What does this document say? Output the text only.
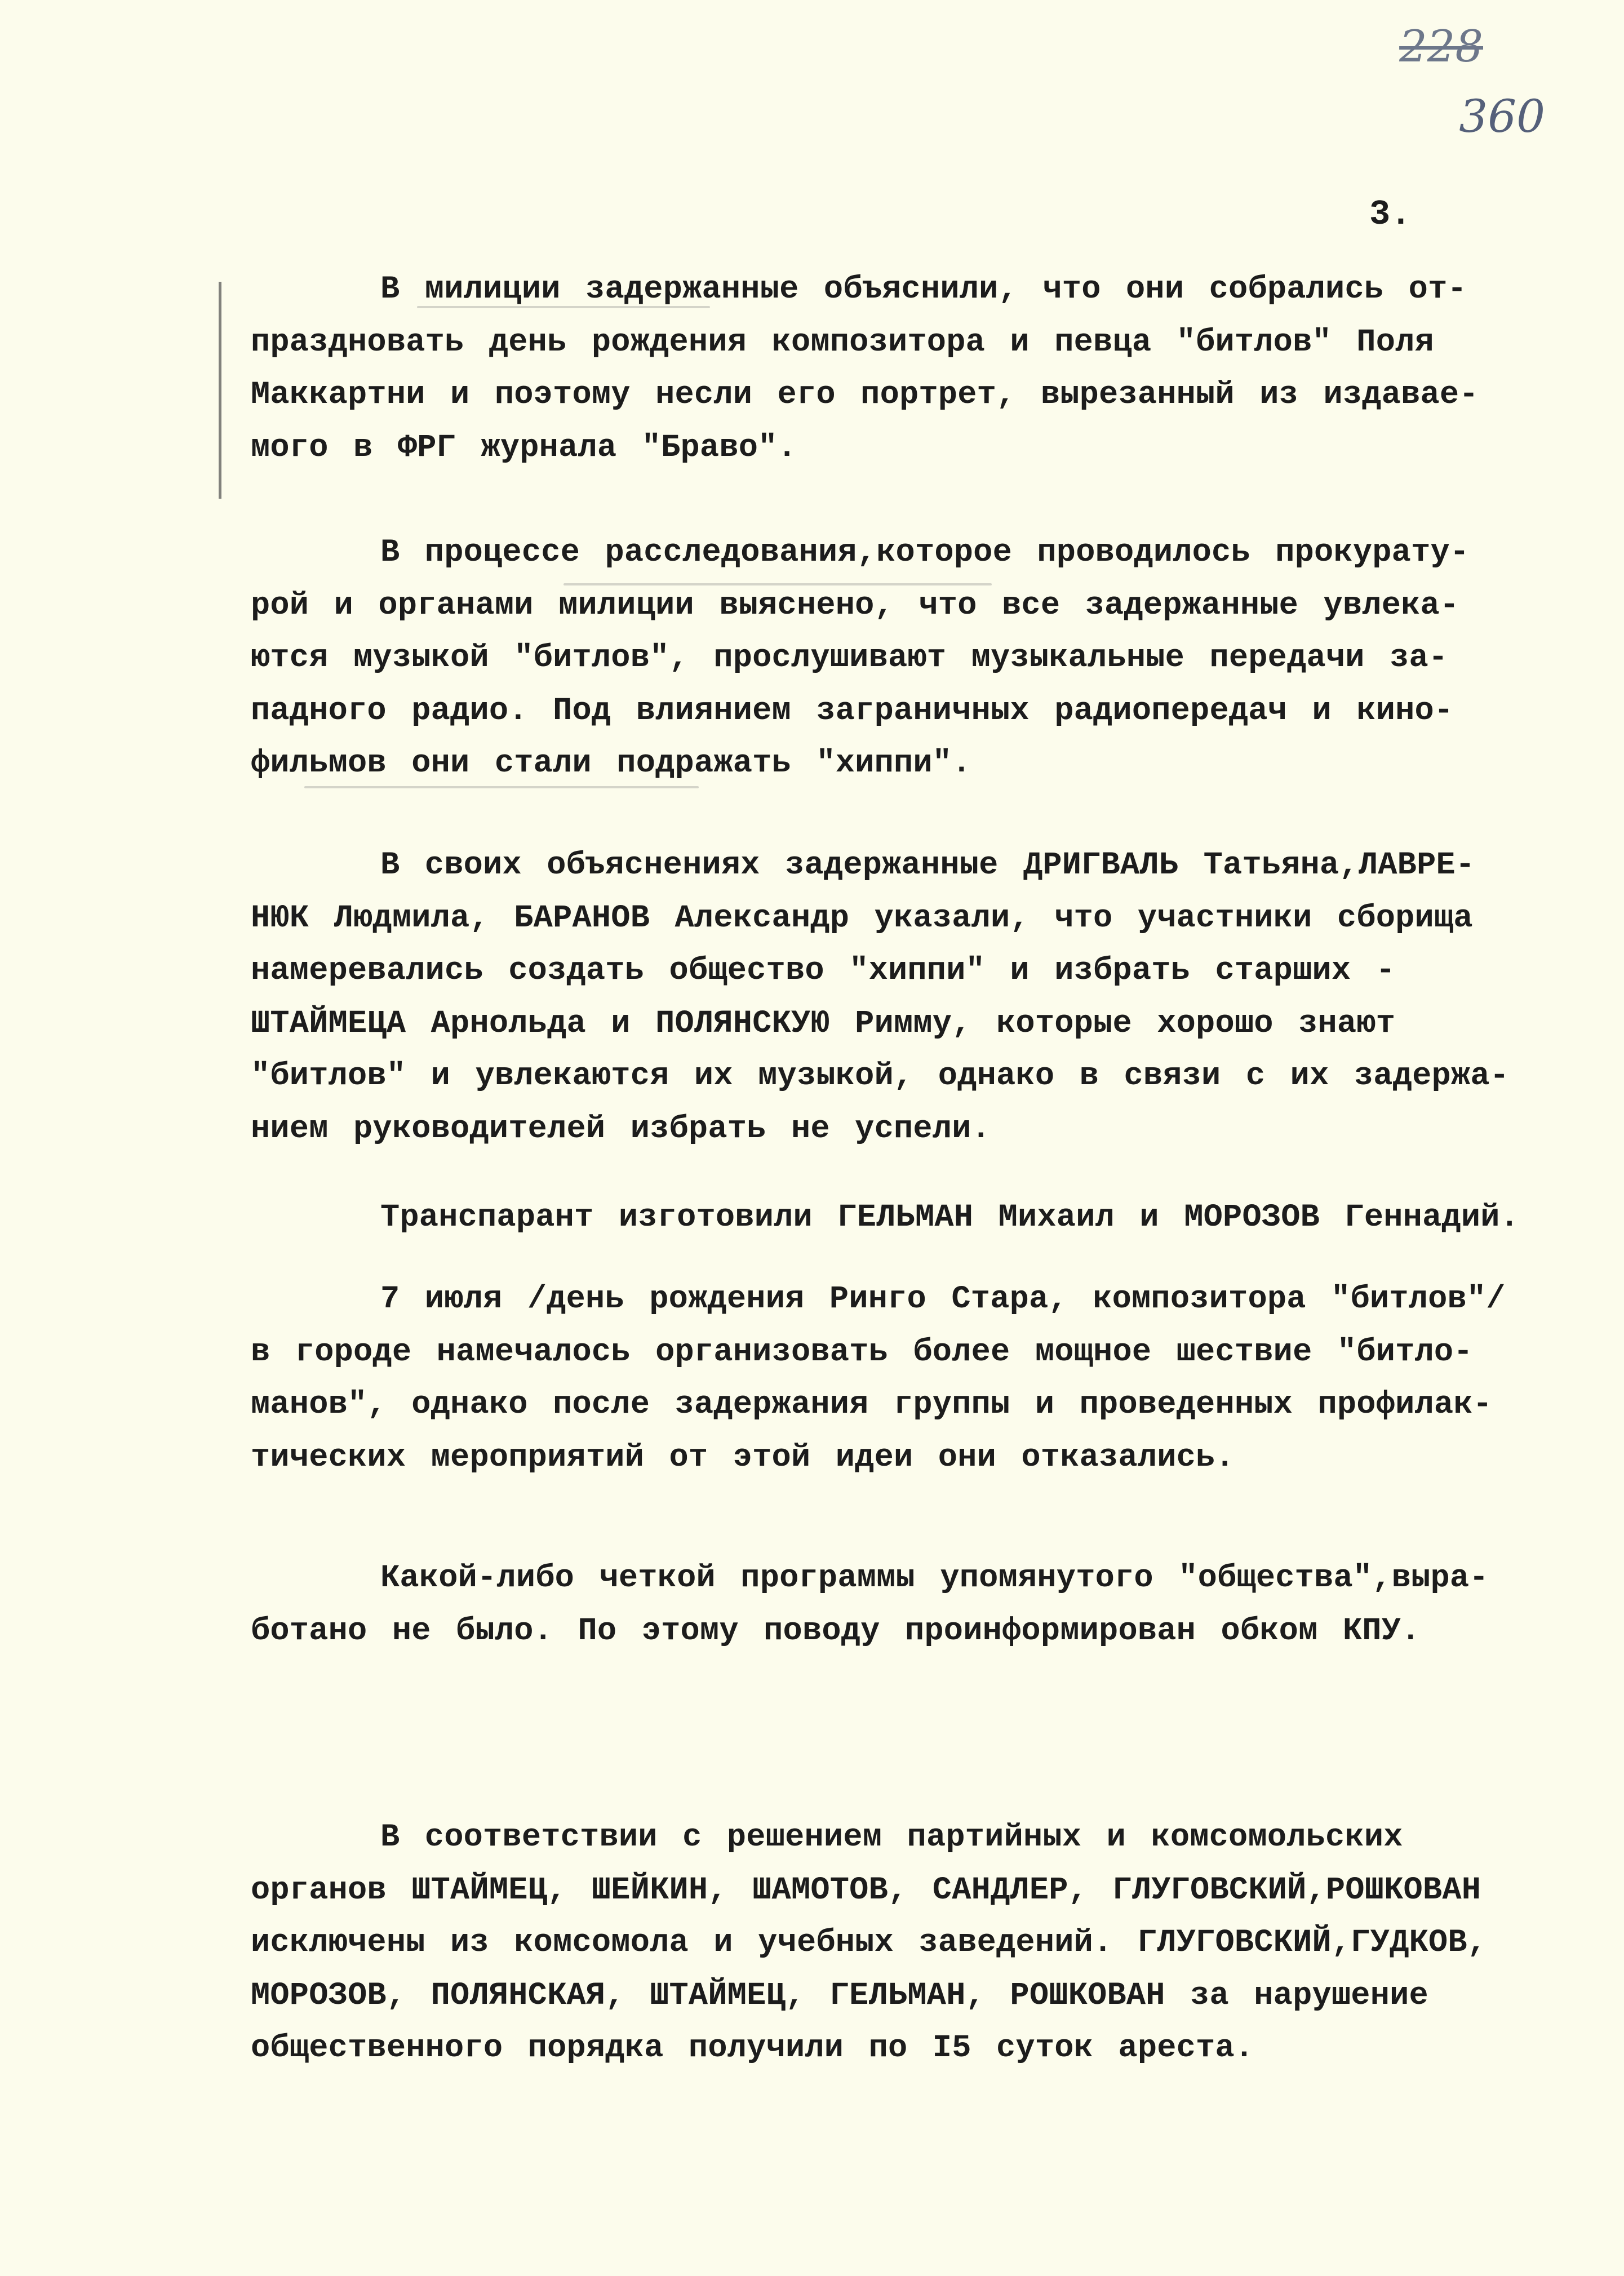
228
360
3.
В милиции задержанные объяснили, что они собрались от-
праздновать день рождения композитора и певца "битлов" Поля
Маккартни и поэтому несли его портрет, вырезанный из издавае-
мого в ФРГ журнала "Браво".
В процессе расследования,которое проводилось прокурату-
рой и органами милиции выяснено, что все задержанные увлека-
ются музыкой "битлов", прослушивают музыкальные передачи за-
падного радио. Под влиянием заграничных радиопередач и кино-
фильмов они стали подражать "хиппи".
В своих объяснениях задержанные ДРИГВАЛЬ Татьяна,ЛАВРЕ-
НЮК Людмила, БАРАНОВ Александр указали, что участники сборища
намеревались создать общество "хиппи" и избрать старших -
ШТАЙМЕЦА Арнольда и ПОЛЯНСКУЮ Римму, которые хорошо знают
"битлов" и увлекаются их музыкой, однако в связи с их задержа-
нием руководителей избрать не успели.
Транспарант изготовили ГЕЛЬМАН Михаил и МОРОЗОВ Геннадий.
7 июля /день рождения Ринго Стара, композитора "битлов"/
в городе намечалось организовать более мощное шествие "битло-
манов", однако после задержания группы и проведенных профилак-
тических мероприятий от этой идеи они отказались.
Какой-либо четкой программы упомянутого "общества",выра-
ботано не было. По этому поводу проинформирован обком КПУ.
В соответствии с решением партийных и комсомольских
органов ШТАЙМЕЦ, ШЕЙКИН, ШАМОТОВ, САНДЛЕР, ГЛУГОВСКИЙ,РОШКОВАН
исключены из комсомола и учебных заведений. ГЛУГОВСКИЙ,ГУДКОВ,
МОРОЗОВ, ПОЛЯНСКАЯ, ШТАЙМЕЦ, ГЕЛЬМАН, РОШКОВАН за нарушение
общественного порядка получили по I5 суток ареста.
